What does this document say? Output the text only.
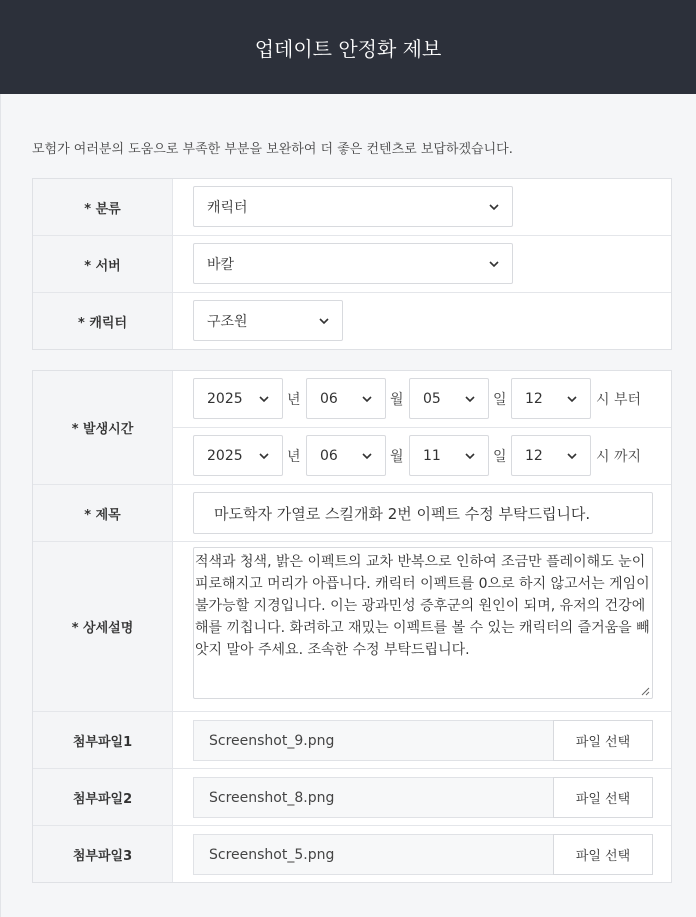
업데이트 안정화 제보
모험가 여러분의 도움으로 부족한 부분을 보완하여 더 좋은 컨텐츠로 보답하겠습니다.
* 분류	캐릭터
* 서버	바칼
* 캐릭터	구조원
* 발생시간
2025	년 06	월 05	일 12	시 부터
2025	년 06	월 11	일 12	시 까지
* 제목	마도학자 가열로 스킬개화 2번 이펙트 수정 부탁드립니다.
* 상세설명
적색과 청색, 밝은 이펙트의 교차 반복으로 인하여 조금만 플레이해도 눈이 피로해지고 머리가 아픕니다. 캐릭터 이펙트를 0으로 하지 않고서는 게임이 불가능할 지경입니다. 이는 광과민성 증후군의 원인이 되며, 유저의 건강에 해를 끼칩니다. 화려하고 재밌는 이펙트를 볼 수 있는 캐릭터의 즐거움을 빼앗지 말아 주세요. 조속한 수정 부탁드립니다.
첨부파일1	Screenshot_9.png	파일 선택
첨부파일2	Screenshot_8.png	파일 선택
첨부파일3	Screenshot_5.png	파일 선택
